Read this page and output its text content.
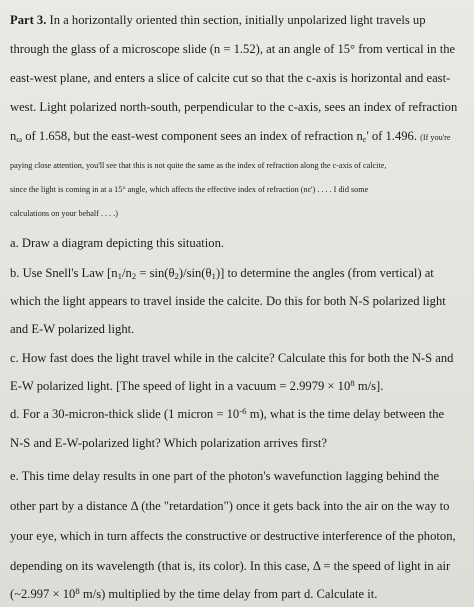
Part 3. In a horizontally oriented thin section, initially unpolarized light travels up
through the glass of a microscope slide (n = 1.52), at an angle of 15° from vertical in the
east-west plane, and enters a slice of calcite cut so that the c-axis is horizontal and east-
west. Light polarized north-south, perpendicular to the c-axis, sees an index of refraction
$n_\omega$ of 1.658, but the east-west component sees an index of refraction $n_\varepsilon'$ of 1.496. (If you're
paying close attention, you'll see that this is not quite the same as the index of refraction along the c-axis of calcite,
since the light is coming in at a 15° angle, which affects the effective index of refraction (nε') . . . . I did some
calculations on your behalf . . . .)
a. Draw a diagram depicting this situation.
b. Use Snell's Law $[n_1/n_2 = \sin(\theta_2)/\sin(\theta_1)]$ to determine the angles (from vertical) at
which the light appears to travel inside the calcite. Do this for both N-S polarized light
and E-W polarized light.
c. How fast does the light travel while in the calcite? Calculate this for both the N-S and
E-W polarized light. [The speed of light in a vacuum = $2.9979 \times 10^8$ m/s].
d. For a 30-micron-thick slide (1 micron = $10^{-6}$ m), what is the time delay between the
N-S and E-W-polarized light? Which polarization arrives first?
e. This time delay results in one part of the photon's wavefunction lagging behind the
other part by a distance Δ (the "retardation") once it gets back into the air on the way to
your eye, which in turn affects the constructive or destructive interference of the photon,
depending on its wavelength (that is, its color). In this case, Δ = the speed of light in air
(~2.997 × $10^8$ m/s) multiplied by the time delay from part d. Calculate it.
